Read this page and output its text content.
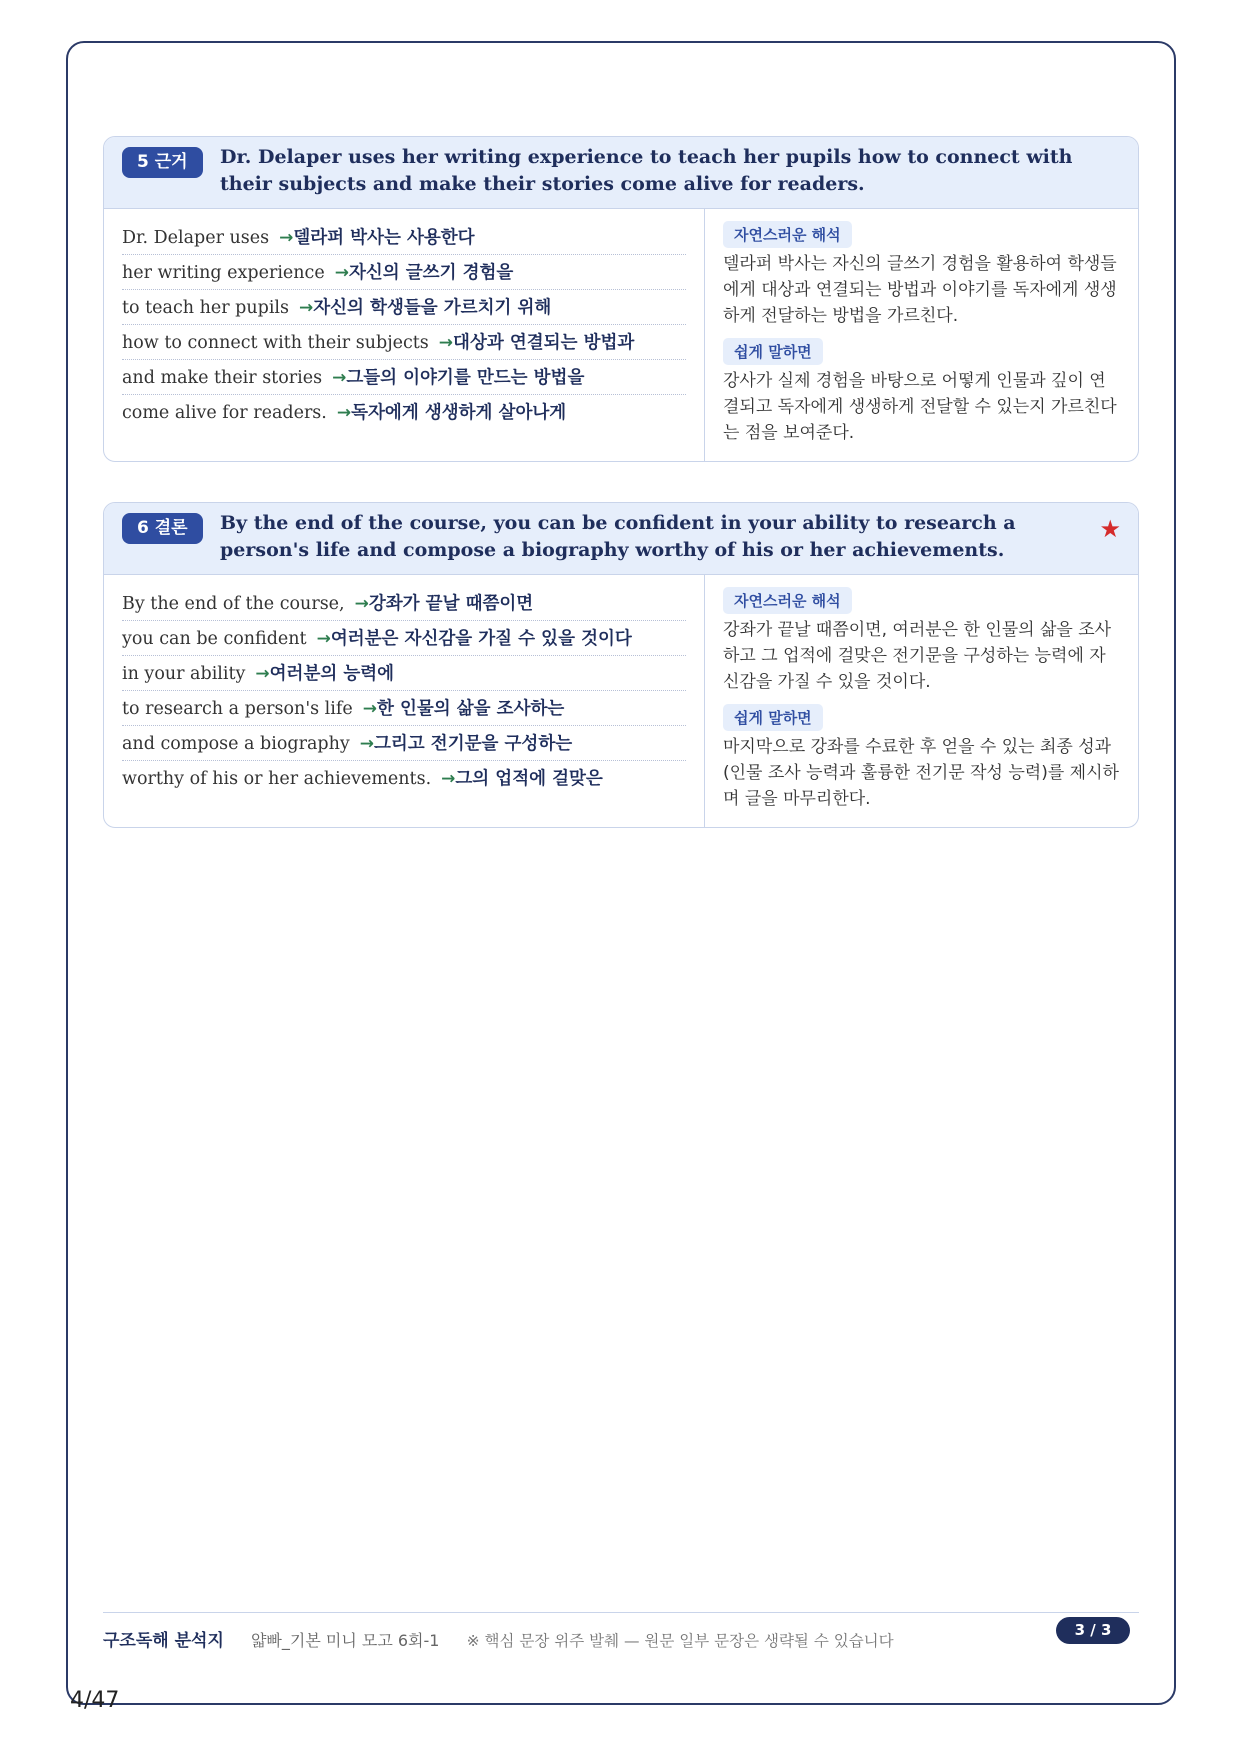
5 근거	Dr. Delaper uses her writing experience to teach her pupils how to connect with their subjects and make their stories come alive for readers.
Dr. Delaper uses →델라퍼 박사는 사용한다
her writing experience →자신의 글쓰기 경험을
to teach her pupils →자신의 학생들을 가르치기 위해
how to connect with their subjects →대상과 연결되는 방법과
and make their stories →그들의 이야기를 만드는 방법을
come alive for readers. →독자에게 생생하게 살아나게
자연스러운 해석
델라퍼 박사는 자신의 글쓰기 경험을 활용하여 학생들에게 대상과 연결되는 방법과 이야기를 독자에게 생생하게 전달하는 방법을 가르친다.
쉽게 말하면
강사가 실제 경험을 바탕으로 어떻게 인물과 깊이 연결되고 독자에게 생생하게 전달할 수 있는지 가르친다는 점을 보여준다.
6 결론	By the end of the course, you can be confident in your ability to research a person's life and compose a biography worthy of his or her achievements.
★
By the end of the course, →강좌가 끝날 때쯤이면
you can be confident →여러분은 자신감을 가질 수 있을 것이다
in your ability →여러분의 능력에
to research a person's life →한 인물의 삶을 조사하는
and compose a biography →그리고 전기문을 구성하는
worthy of his or her achievements. →그의 업적에 걸맞은
자연스러운 해석
강좌가 끝날 때쯤이면, 여러분은 한 인물의 삶을 조사하고 그 업적에 걸맞은 전기문을 구성하는 능력에 자신감을 가질 수 있을 것이다.
쉽게 말하면
마지막으로 강좌를 수료한 후 얻을 수 있는 최종 성과(인물 조사 능력과 훌륭한 전기문 작성 능력)를 제시하며 글을 마무리한다.
구조독해 분석지 얇빠_기본 미니 모고 6회-1 ※ 핵심 문장 위주 발췌 — 원문 일부 문장은 생략될 수 있습니다
3 / 3
4/47
